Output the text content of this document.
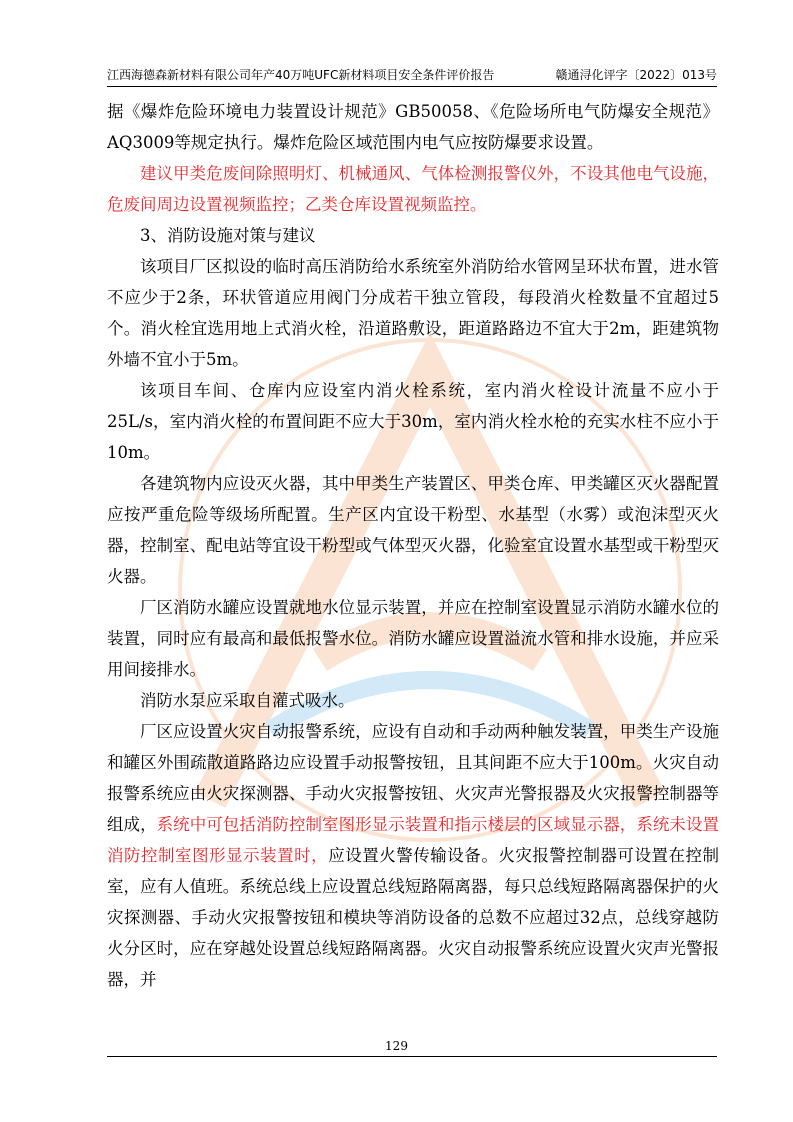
江西海德森新材料有限公司年产40万吨UFC新材料项目安全条件评价报告	赣通浔化评字〔2022〕013号

据《爆炸危险环境电力装置设计规范》GB50058、《危险场所电气防爆安全规范》AQ3009等规定执行。爆炸危险区域范围内电气应按防爆要求设置。

建议甲类危废间除照明灯、机械通风、气体检测报警仪外，不设其他电气设施，危废间周边设置视频监控；乙类仓库设置视频监控。

3、消防设施对策与建议

该项目厂区拟设的临时高压消防给水系统室外消防给水管网呈环状布置，进水管不应少于2条，环状管道应用阀门分成若干独立管段，每段消火栓数量不宜超过5个。消火栓宜选用地上式消火栓，沿道路敷设，距道路路边不宜大于2m，距建筑物外墙不宜小于5m。

该项目车间、仓库内应设室内消火栓系统，室内消火栓设计流量不应小于25L/s，室内消火栓的布置间距不应大于30m，室内消火栓水枪的充实水柱不应小于10m。

各建筑物内应设灭火器，其中甲类生产装置区、甲类仓库、甲类罐区灭火器配置应按严重危险等级场所配置。生产区内宜设干粉型、水基型（水雾）或泡沫型灭火器，控制室、配电站等宜设干粉型或气体型灭火器，化验室宜设置水基型或干粉型灭火器。

厂区消防水罐应设置就地水位显示装置，并应在控制室设置显示消防水罐水位的装置，同时应有最高和最低报警水位。消防水罐应设置溢流水管和排水设施，并应采用间接排水。

消防水泵应采取自灌式吸水。

厂区应设置火灾自动报警系统，应设有自动和手动两种触发装置，甲类生产设施和罐区外围疏散道路路边应设置手动报警按钮，且其间距不应大于100m。火灾自动报警系统应由火灾探测器、手动火灾报警按钮、火灾声光警报器及火灾报警控制器等组成，系统中可包括消防控制室图形显示装置和指示楼层的区域显示器，系统未设置消防控制室图形显示装置时，应设置火警传输设备。火灾报警控制器可设置在控制室，应有人值班。系统总线上应设置总线短路隔离器，每只总线短路隔离器保护的火灾探测器、手动火灾报警按钮和模块等消防设备的总数不应超过32点，总线穿越防火分区时，应在穿越处设置总线短路隔离器。火灾自动报警系统应设置火灾声光警报器，并

129
